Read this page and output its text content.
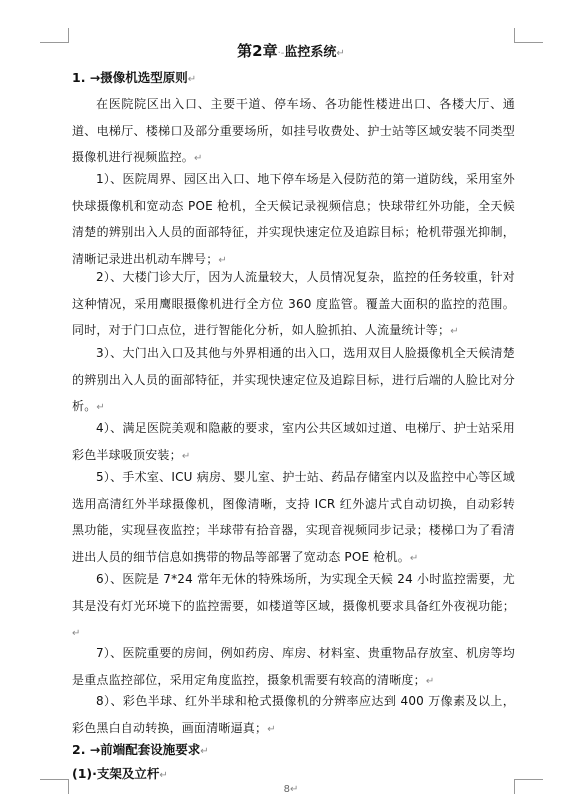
第2章·-监控系统↵
1. →摄像机选型原则↵
在医院院区出入口、主要干道、停车场、各功能性楼进出口、各楼大厅、通道、电梯厅、楼梯口及部分重要场所，如挂号收费处、护士站等区域安装不同类型摄像机进行视频监控。↵
1）、医院周界、园区出入口、地下停车场是入侵防范的第一道防线，采用室外快球摄像机和宽动态 POE 枪机，全天候记录视频信息；快球带红外功能，全天候清楚的辨别出入人员的面部特征，并实现快速定位及追踪目标；枪机带强光抑制，清晰记录进出机动车牌号；↵
2）、大楼门诊大厅，因为人流量较大，人员情况复杂，监控的任务较重，针对这种情况，采用鹰眼摄像机进行全方位 360 度监管。覆盖大面积的监控的范围。同时，对于门口点位，进行智能化分析，如人脸抓拍、人流量统计等；↵
3）、大门出入口及其他与外界相通的出入口，选用双目人脸摄像机全天候清楚的辨别出入人员的面部特征，并实现快速定位及追踪目标，进行后端的人脸比对分析。↵
4）、满足医院美观和隐蔽的要求，室内公共区域如过道、电梯厅、护士站采用彩色半球吸顶安装；↵
5）、手术室、ICU 病房、婴儿室、护士站、药品存储室内以及监控中心等区域选用高清红外半球摄像机，图像清晰，支持 ICR 红外滤片式自动切换，自动彩转黑功能，实现昼夜监控；半球带有拾音器，实现音视频同步记录；楼梯口为了看清进出人员的细节信息如携带的物品等部署了宽动态 POE 枪机。↵
6）、医院是 7*24 常年无休的特殊场所，为实现全天候 24 小时监控需要，尤其是没有灯光环境下的监控需要，如楼道等区域，摄像机要求具备红外夜视功能；↵
7）、医院重要的房间，例如药房、库房、材料室、贵重物品存放室、机房等均是重点监控部位，采用定角度监控，摄象机需要有较高的清晰度；↵
8）、彩色半球、红外半球和枪式摄像机的分辨率应达到 400 万像素及以上，彩色黑白自动转换，画面清晰逼真；↵
2. →前端配套设施要求↵
(1)·支架及立杆↵
8↵
